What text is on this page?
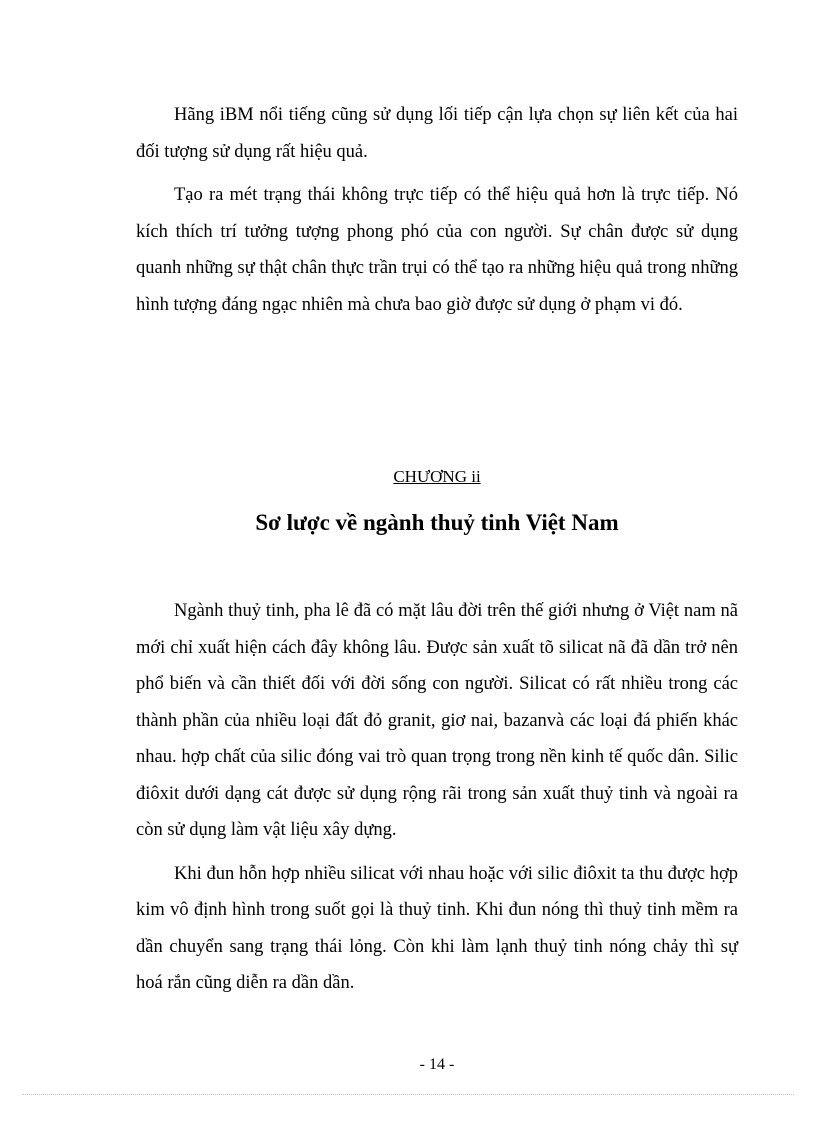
Hãng iBM nổi tiếng cũng sử dụng lối tiếp cận lựa chọn sự liên kết của hai đối tượng sử dụng rất hiệu quả.

Tạo ra mét trạng thái không trực tiếp có thể hiệu quả hơn là trực tiếp. Nó kích thích trí tưởng tượng phong phó của con người. Sự chân được sử dụng quanh những sự thật chân thực trần trụi có thể tạo ra những hiệu quả trong những hình tượng đáng ngạc nhiên mà chưa bao giờ được sử dụng ở phạm vi đó.

CHƯƠNG ii

Sơ lược về ngành thuỷ tinh Việt Nam

Ngành thuỷ tinh, pha lê đã có mặt lâu đời trên thế giới nhưng ở Việt nam nã mới chỉ xuất hiện cách đây không lâu. Được sản xuất tõ silicat nã đã dần trở nên phổ biến và cần thiết đối với đời sống con người. Silicat có rất nhiều trong các thành phần của nhiều loại đất đỏ granit, giơ nai, bazanvà các loại đá phiến khác nhau. hợp chất của silic đóng vai trò quan trọng trong nền kinh tế quốc dân. Silic điôxit dưới dạng cát được sử dụng rộng rãi trong sản xuất thuỷ tinh và ngoài ra còn sử dụng làm vật liệu xây dựng.

Khi đun hỗn hợp nhiều silicat với nhau hoặc với silic điôxit ta thu được hợp kim vô định hình trong suốt gọi là thuỷ tinh. Khi đun nóng thì thuỷ tinh mềm ra dần chuyển sang trạng thái lỏng. Còn khi làm lạnh thuỷ tinh nóng chảy thì sự hoá rắn cũng diễn ra dần dần.

- 14 -
